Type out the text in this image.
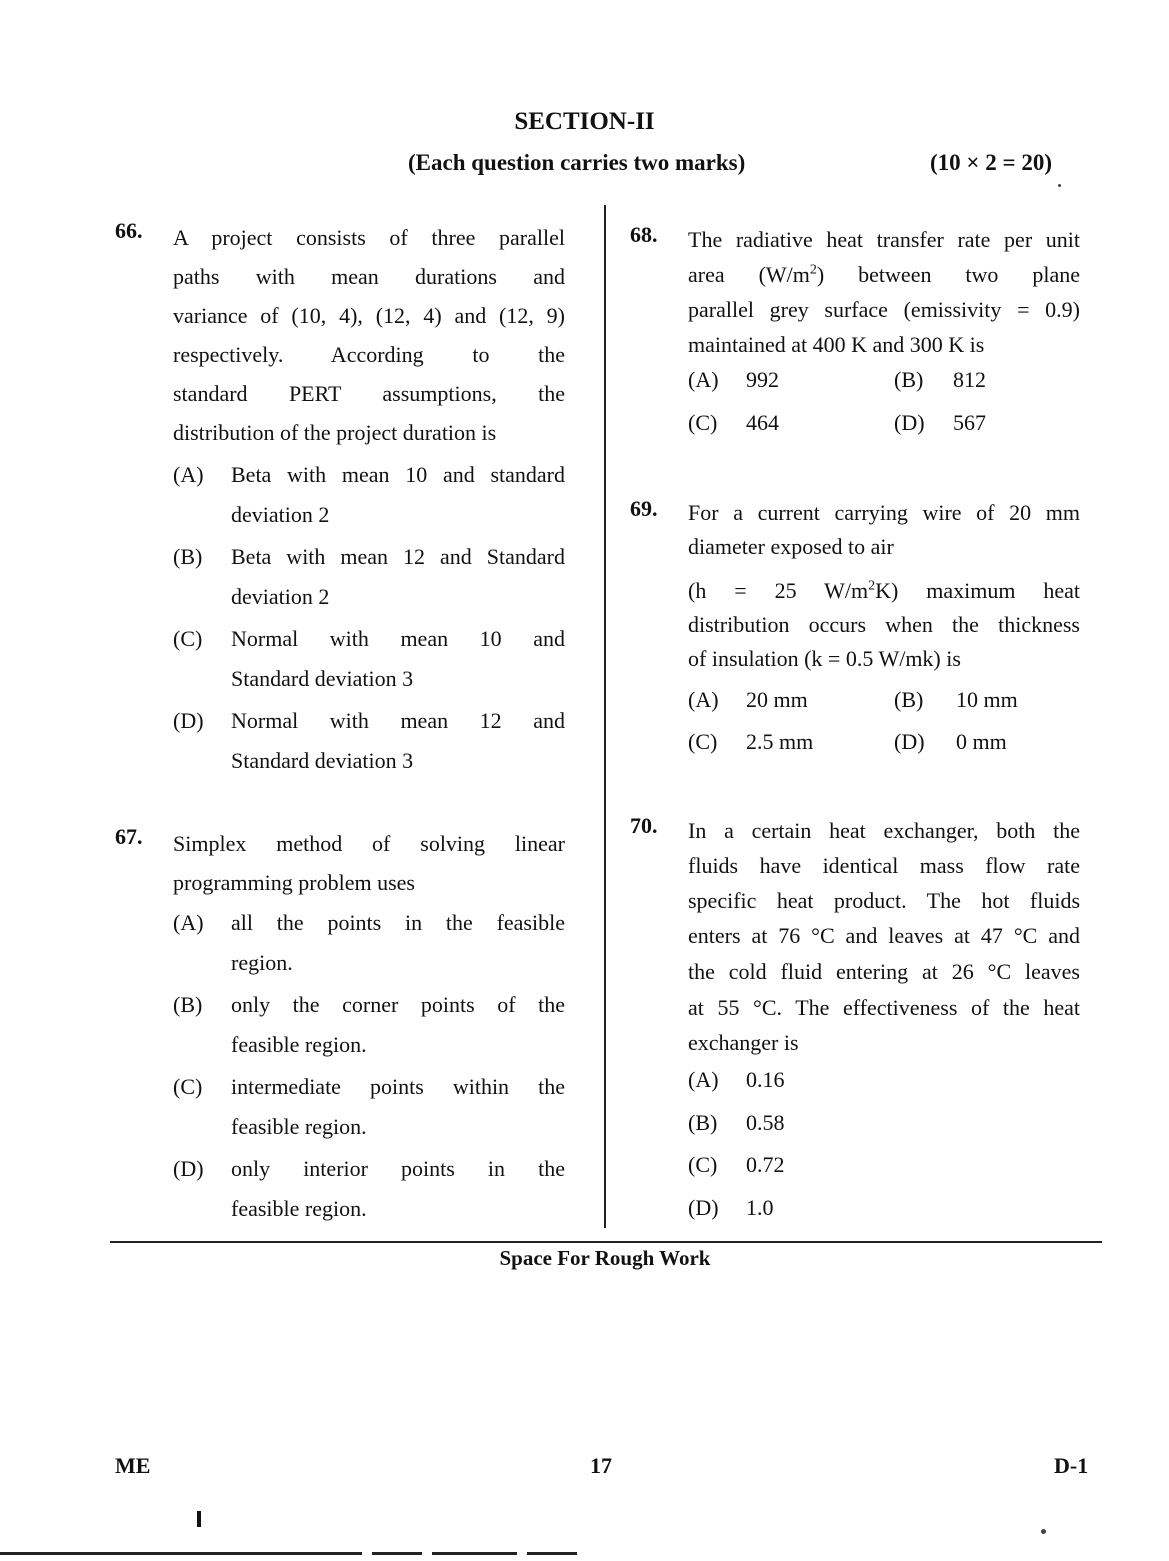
SECTION-II
(Each question carries two marks)	(10 × 2 = 20)
66. A project consists of three parallel
paths with mean durations and
variance of (10, 4), (12, 4) and (12, 9)
respectively. According to the
standard PERT assumptions, the
distribution of the project duration is
(A) Beta with mean 10 and standard
deviation 2
(B) Beta with mean 12 and Standard
deviation 2
(C) Normal with mean 10 and
Standard deviation 3
(D) Normal with mean 12 and
Standard deviation 3
67. Simplex method of solving linear
programming problem uses
(A) all the points in the feasible
region.
(B) only the corner points of the
feasible region.
(C) intermediate points within the
feasible region.
(D) only interior points in the
feasible region.
68. The radiative heat transfer rate per unit
area $(W/m^2)$ between two plane
parallel grey surface (emissivity = 0.9)
maintained at 400 K and 300 K is
(A) 992	(B) 812
(C) 464	(D) 567
69. For a current carrying wire of 20 mm
diameter exposed to air
(h = 25 $W/m^2K$) maximum heat
distribution occurs when the thickness
of insulation (k = 0.5 W/mk) is
(A) 20 mm	(B) 10 mm
(C) 2.5 mm	(D) 0 mm
70. In a certain heat exchanger, both the
fluids have identical mass flow rate
specific heat product. The hot fluids
enters at 76 °C and leaves at 47 °C and
the cold fluid entering at 26 °C leaves
at 55 °C. The effectiveness of the heat
exchanger is
(A) 0.16
(B) 0.58
(C) 0.72
(D) 1.0
Space For Rough Work
ME	17	D-1
